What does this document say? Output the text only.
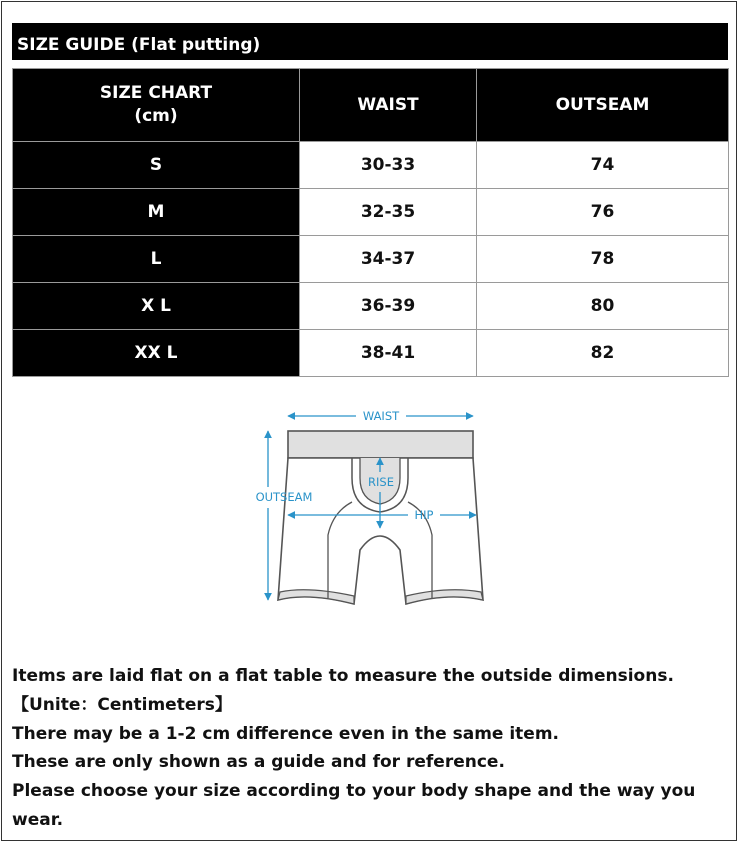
SIZE GUIDE (Flat putting)
SIZE CHART
(cm)	WAIST	OUTSEAM
S	30-33	74
M	32-35	76
L	34-37	78
X L	36-39	80
XX L	38-41	82
WAIST
OUTSEAM
RISE
HIP

Items are laid flat on a flat table to measure the outside dimensions.【Unite：Centimeters】

There may be a 1-2 cm difference even in the same item.

These are only shown as a guide and for reference.

Please choose your size according to your body shape and the way you wear.
